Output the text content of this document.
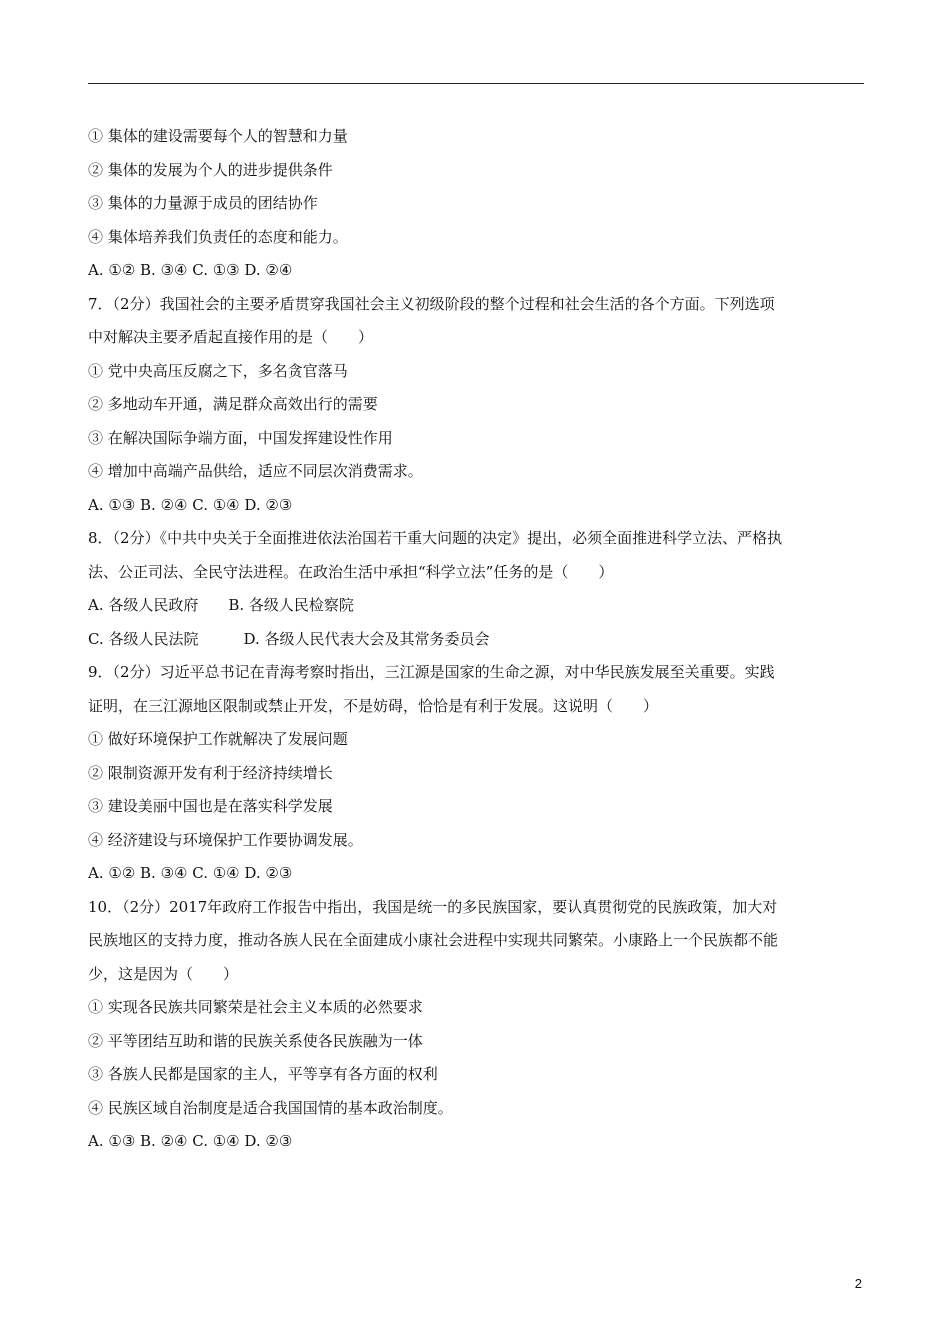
① 集体的建设需要每个人的智慧和力量
② 集体的发展为个人的进步提供条件
③ 集体的力量源于成员的团结协作
④ 集体培养我们负责任的态度和能力。
A. ①② B. ③④ C. ①③ D. ②④
7．（2分）我国社会的主要矛盾贯穿我国社会主义初级阶段的整个过程和社会生活的各个方面。下列选项
中对解决主要矛盾起直接作用的是（　　）
① 党中央高压反腐之下，多名贪官落马
② 多地动车开通，满足群众高效出行的需要
③ 在解决国际争端方面，中国发挥建设性作用
④ 增加中高端产品供给，适应不同层次消费需求。
A. ①③ B. ②④ C. ①④ D. ②③
8．（2分）《中共中央关于全面推进依法治国若干重大问题的决定》提出，必须全面推进科学立法、严格执
法、公正司法、全民守法进程。在政治生活中承担“科学立法”任务的是（　　）
A. 各级人民政府　　B. 各级人民检察院
C. 各级人民法院　　　D. 各级人民代表大会及其常务委员会
9．（2分）习近平总书记在青海考察时指出，三江源是国家的生命之源，对中华民族发展至关重要。实践
证明，在三江源地区限制或禁止开发，不是妨碍，恰恰是有利于发展。这说明（　　）
① 做好环境保护工作就解决了发展问题
② 限制资源开发有利于经济持续增长
③ 建设美丽中国也是在落实科学发展
④ 经济建设与环境保护工作要协调发展。
A. ①② B. ③④ C. ①④ D. ②③
10．（2分）2017年政府工作报告中指出，我国是统一的多民族国家，要认真贯彻党的民族政策，加大对
民族地区的支持力度，推动各族人民在全面建成小康社会进程中实现共同繁荣。小康路上一个民族都不能
少，这是因为（　　）
① 实现各民族共同繁荣是社会主义本质的必然要求
② 平等团结互助和谐的民族关系使各民族融为一体
③ 各族人民都是国家的主人，平等享有各方面的权利
④ 民族区域自治制度是适合我国国情的基本政治制度。
A. ①③ B. ②④ C. ①④ D. ②③
2
